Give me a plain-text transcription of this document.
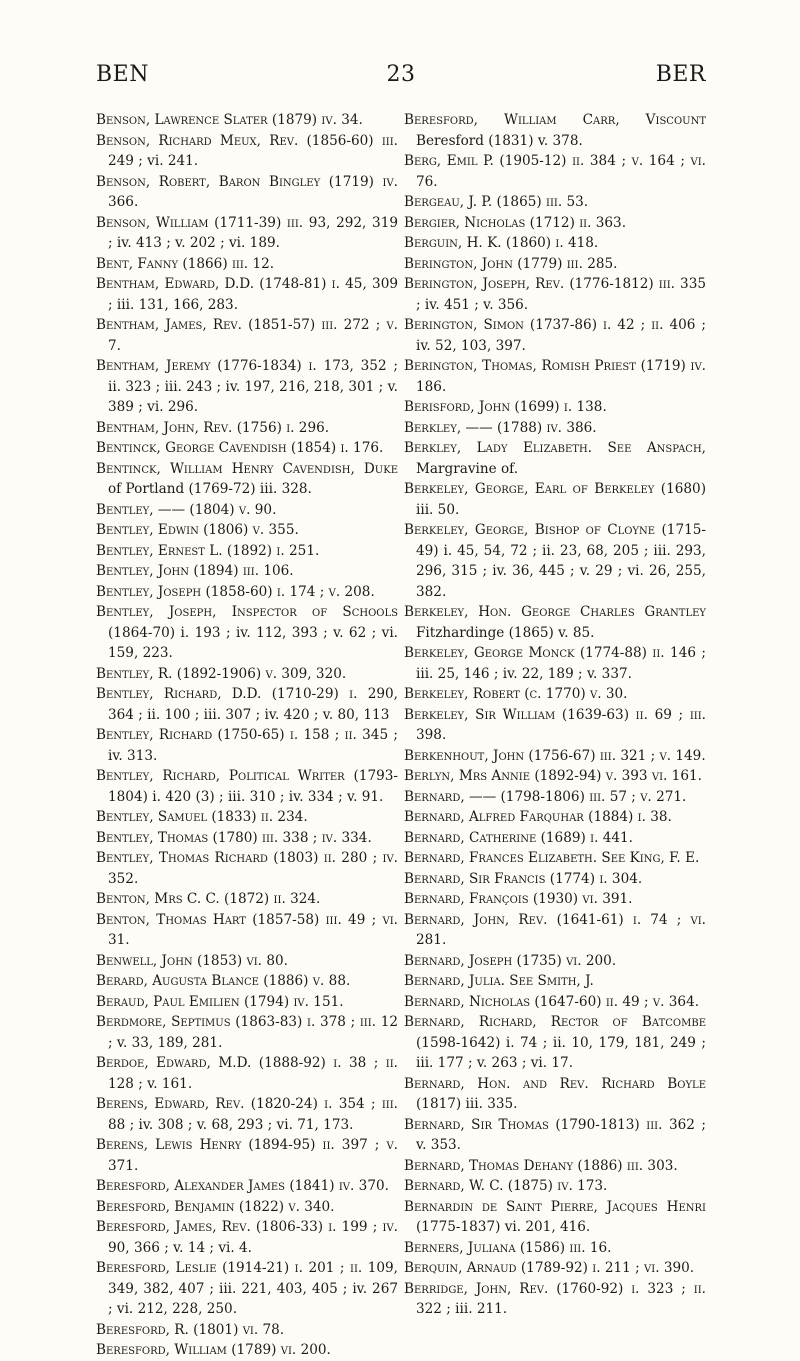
BEN	23	BER

Benson, Lawrence Slater (1879) iv. 34.

Benson, Richard Meux, Rev. (1856-60) iii. 249 ; vi. 241.

Benson, Robert, Baron Bingley (1719) iv. 366.

Benson, William (1711-39) iii. 93, 292, 319 ; iv. 413 ; v. 202 ; vi. 189.

Bent, Fanny (1866) iii. 12.

Bentham, Edward, D.D. (1748-81) i. 45, 309 ; iii. 131, 166, 283.

Bentham, James, Rev. (1851-57) iii. 272 ; v. 7.

Bentham, Jeremy (1776-1834) i. 173, 352 ; ii. 323 ; iii. 243 ; iv. 197, 216, 218, 301 ; v. 389 ; vi. 296.

Bentham, John, Rev. (1756) i. 296.

Bentinck, George Cavendish (1854) i. 176.

Bentinck, William Henry Cavendish, Duke of Portland (1769-72) iii. 328.

Bentley, —— (1804) v. 90.

Bentley, Edwin (1806) v. 355.

Bentley, Ernest L. (1892) i. 251.

Bentley, John (1894) iii. 106.

Bentley, Joseph (1858-60) i. 174 ; v. 208.

Bentley, Joseph, Inspector of Schools (1864-70) i. 193 ; iv. 112, 393 ; v. 62 ; vi. 159, 223.

Bentley, R. (1892-1906) v. 309, 320.

Bentley, Richard, D.D. (1710-29) i. 290, 364 ; ii. 100 ; iii. 307 ; iv. 420 ; v. 80, 113

Bentley, Richard (1750-65) i. 158 ; ii. 345 ; iv. 313.

Bentley, Richard, Political Writer (1793-1804) i. 420 (3) ; iii. 310 ; iv. 334 ; v. 91.

Bentley, Samuel (1833) ii. 234.

Bentley, Thomas (1780) iii. 338 ; iv. 334.

Bentley, Thomas Richard (1803) ii. 280 ; iv. 352.

Benton, Mrs C. C. (1872) ii. 324.

Benton, Thomas Hart (1857-58) iii. 49 ; vi. 31.

Benwell, John (1853) vi. 80.

Berard, Augusta Blance (1886) v. 88.

Beraud, Paul Emilien (1794) iv. 151.

Berdmore, Septimus (1863-83) i. 378 ; iii. 12 ; v. 33, 189, 281.

Berdoe, Edward, M.D. (1888-92) i. 38 ; ii. 128 ; v. 161.

Berens, Edward, Rev. (1820-24) i. 354 ; iii. 88 ; iv. 308 ; v. 68, 293 ; vi. 71, 173.

Berens, Lewis Henry (1894-95) ii. 397 ; v. 371.

Beresford, Alexander James (1841) iv. 370.

Beresford, Benjamin (1822) v. 340.

Beresford, James, Rev. (1806-33) i. 199 ; iv. 90, 366 ; v. 14 ; vi. 4.

Beresford, Leslie (1914-21) i. 201 ; ii. 109, 349, 382, 407 ; iii. 221, 403, 405 ; iv. 267 ; vi. 212, 228, 250.

Beresford, R. (1801) vi. 78.

Beresford, William (1789) vi. 200.

Beresford, William Carr, Viscount Beresford (1831) v. 378.

Berg, Emil P. (1905-12) ii. 384 ; v. 164 ; vi. 76.

Bergeau, J. P. (1865) iii. 53.

Bergier, Nicholas (1712) ii. 363.

Berguin, H. K. (1860) i. 418.

Berington, John (1779) iii. 285.

Berington, Joseph, Rev. (1776-1812) iii. 335 ; iv. 451 ; v. 356.

Berington, Simon (1737-86) i. 42 ; ii. 406 ; iv. 52, 103, 397.

Berington, Thomas, Romish Priest (1719) iv. 186.

Berisford, John (1699) i. 138.

Berkley, —— (1788) iv. 386.

Berkley, Lady Elizabeth. See Anspach, Margravine of.

Berkeley, George, Earl of Berkeley (1680) iii. 50.

Berkeley, George, Bishop of Cloyne (1715-49) i. 45, 54, 72 ; ii. 23, 68, 205 ; iii. 293, 296, 315 ; iv. 36, 445 ; v. 29 ; vi. 26, 255, 382.

Berkeley, Hon. George Charles Grantley Fitzhardinge (1865) v. 85.

Berkeley, George Monck (1774-88) ii. 146 ; iii. 25, 146 ; iv. 22, 189 ; v. 337.

Berkeley, Robert (c. 1770) v. 30.

Berkeley, Sir William (1639-63) ii. 69 ; iii. 398.

Berkenhout, John (1756-67) iii. 321 ; v. 149.

Berlyn, Mrs Annie (1892-94) v. 393 vi. 161.

Bernard, —— (1798-1806) iii. 57 ; v. 271.

Bernard, Alfred Farquhar (1884) i. 38.

Bernard, Catherine (1689) i. 441.

Bernard, Frances Elizabeth. See King, F. E.

Bernard, Sir Francis (1774) i. 304.

Bernard, François (1930) vi. 391.

Bernard, John, Rev. (1641-61) i. 74 ; vi. 281.

Bernard, Joseph (1735) vi. 200.

Bernard, Julia. See Smith, J.

Bernard, Nicholas (1647-60) ii. 49 ; v. 364.

Bernard, Richard, Rector of Batcombe (1598-1642) i. 74 ; ii. 10, 179, 181, 249 ; iii. 177 ; v. 263 ; vi. 17.

Bernard, Hon. and Rev. Richard Boyle (1817) iii. 335.

Bernard, Sir Thomas (1790-1813) iii. 362 ; v. 353.

Bernard, Thomas Dehany (1886) iii. 303.

Bernard, W. C. (1875) iv. 173.

Bernardin de Saint Pierre, Jacques Henri (1775-1837) vi. 201, 416.

Berners, Juliana (1586) iii. 16.

Berquin, Arnaud (1789-92) i. 211 ; vi. 390.

Berridge, John, Rev. (1760-92) i. 323 ; ii. 322 ; iii. 211.
